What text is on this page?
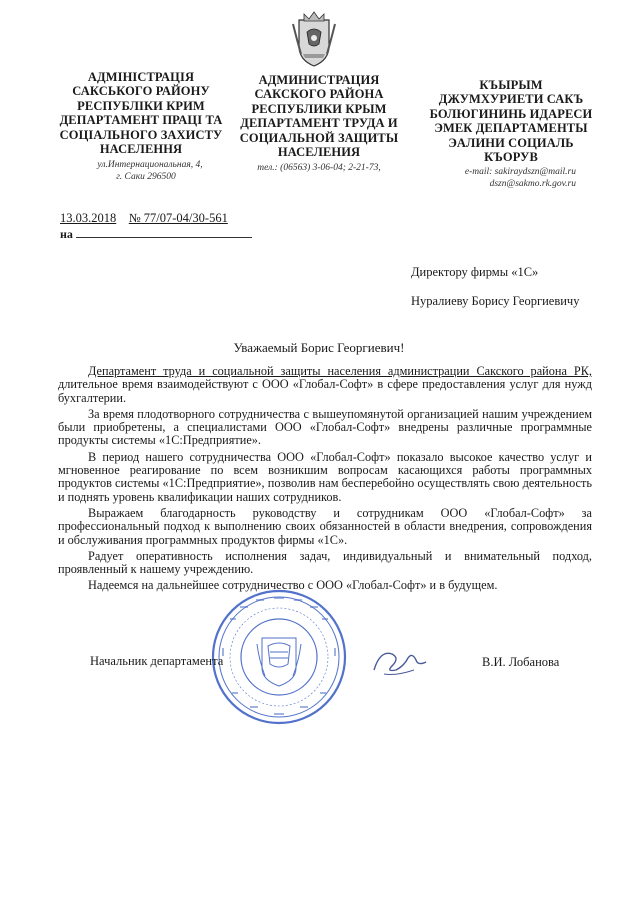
АДМІНІСТРАЦІЯ
САКСЬКОГО РАЙОНУ
РЕСПУБЛІКИ КРИМ
ДЕПАРТАМЕНТ ПРАЦІ ТА
СОЦІАЛЬНОГО ЗАХИСТУ
НАСЕЛЕННЯ
ул.Интернациональная, 4,
г. Саки 296500
АДМИНИСТРАЦИЯ
САКСКОГО РАЙОНА
РЕСПУБЛИКИ КРЫМ
ДЕПАРТАМЕНТ ТРУДА И
СОЦИАЛЬНОЙ ЗАЩИТЫ
НАСЕЛЕНИЯ
тел.: (06563) 3-06-04; 2-21-73,
КЪЫРЫМ
ДЖУМХУРИЕТИ САКЪ
БОЛЮГИНИНЬ ИДАРЕСИ
ЭМЕК ДЕПАРТАМЕНТЫ
ЭАЛИНИ СОЦИАЛЬ
КЪОРУВ
e-mail: sakiraydszn@mail.ru
dszn@sakmo.rk.gov.ru
13.03.2018 № 77/07-04/30-561
на
Директору фирмы «1С»
Нуралиеву Борису Георгиевичу
Уважаемый Борис Георгиевич!

Департамент труда и социальной защиты населения администрации Сакского района РК, длительное время взаимодействуют с ООО «Глобал-Софт» в сфере предоставления услуг для нужд бухгалтерии.

За время плодотворного сотрудничества с вышеупомянутой организацией нашим учреждением были приобретены, а специалистами ООО «Глобал-Софт» внедрены различные программные продукты системы «1С:Предприятие».

В период нашего сотрудничества ООО «Глобал-Софт» показало высокое качество услуг и мгновенное реагирование по всем возникшим вопросам касающихся работы программных продуктов системы «1С:Предприятие», позволив нам бесперебойно осуществлять свою деятельность и поднять уровень квалификации наших сотрудников.

Выражаем благодарность руководству и сотрудникам ООО «Глобал-Софт» за профессиональный подход к выполнению своих обязанностей в области внедрения, сопровождения и обслуживания программных продуктов фирмы «1С».

Радует оперативность исполнения задач, индивидуальный и внимательный подход, проявленный к нашему учреждению.

Надеемся на дальнейшее сотрудничество с ООО «Глобал-Софт» и в будущем.

Начальник департамента	В.И. Лобанова
